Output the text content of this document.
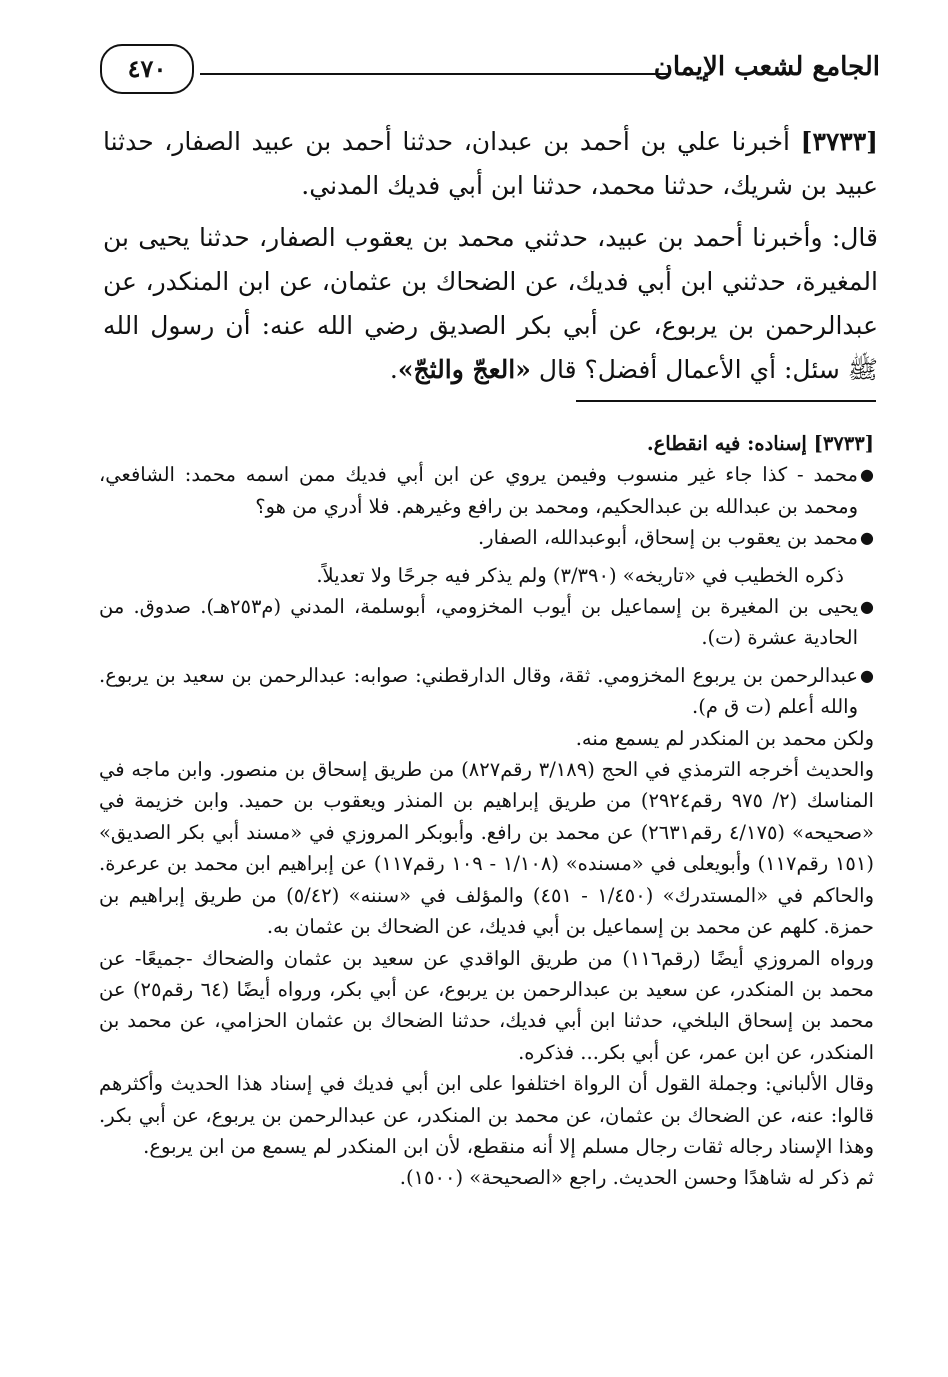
الجامع لشعب الإيمان
٤٧٠

[٣٧٣٣] أخبرنا علي بن أحمد بن عبدان، حدثنا أحمد بن عبيد الصفار، حدثنا عبيد بن شريك، حدثنا محمد، حدثنا ابن أبي فديك المدني.

قال: وأخبرنا أحمد بن عبيد، حدثني محمد بن يعقوب الصفار، حدثنا يحيى بن المغيرة، حدثني ابن أبي فديك، عن الضحاك بن عثمان، عن ابن المنكدر، عن عبدالرحمن بن يربوع، عن أبي بكر الصديق رضي الله عنه: أن رسول الله ﷺ سئل: أي الأعمال أفضل؟ قال «العجّ والثجّ».

[٣٧٣٣] إسناده: فيه انقطاع.

●
محمد - كذا جاء غير منسوب وفيمن يروي عن ابن أبي فديك ممن اسمه محمد: الشافعي، ومحمد بن عبدالله بن عبدالحكيم، ومحمد بن رافع وغيرهم. فلا أدري من هو؟

●
محمد بن يعقوب بن إسحاق، أبوعبدالله، الصفار.

ذكره الخطيب في «تاريخه» (٣/٣٩٠) ولم يذكر فيه جرحًا ولا تعديلاً.

●
يحيى بن المغيرة بن إسماعيل بن أيوب المخزومي، أبوسلمة، المدني (م٢٥٣هـ). صدوق. من الحادية عشرة (ت).

●
عبدالرحمن بن يربوع المخزومي. ثقة، وقال الدارقطني: صوابه: عبدالرحمن بن سعيد بن يربوع. والله أعلم (ت ق م).

ولكن محمد بن المنكدر لم يسمع منه.

والحديث أخرجه الترمذي في الحج (٣/١٨٩ رقم٨٢٧) من طريق إسحاق بن منصور. وابن ماجه في المناسك (٢/ ٩٧٥ رقم٢٩٢٤) من طريق إبراهيم بن المنذر ويعقوب بن حميد. وابن خزيمة في «صحيحه» (٤/١٧٥ رقم٢٦٣١) عن محمد بن رافع. وأبوبكر المروزي في «مسند أبي بكر الصديق» (١٥١ رقم١١٧) وأبويعلى في «مسنده» (١/١٠٨ - ١٠٩ رقم١١٧) عن إبراهيم ابن محمد بن عرعرة. والحاكم في «المستدرك» (١/٤٥٠ - ٤٥١) والمؤلف في «سننه» (٥/٤٢) من طريق إبراهيم بن حمزة. كلهم عن محمد بن إسماعيل بن أبي فديك، عن الضحاك بن عثمان به.

ورواه المروزي أيضًا (رقم١١٦) من طريق الواقدي عن سعيد بن عثمان والضحاك -جميعًا- عن محمد بن المنكدر، عن سعيد بن عبدالرحمن بن يربوع، عن أبي بكر، ورواه أيضًا (٦٤ رقم٢٥) عن محمد بن إسحاق البلخي، حدثنا ابن أبي فديك، حدثنا الضحاك بن عثمان الحزامي، عن محمد بن المنكدر، عن ابن عمر، عن أبي بكر... فذكره.

وقال الألباني: وجملة القول أن الرواة اختلفوا على ابن أبي فديك في إسناد هذا الحديث وأكثرهم قالوا: عنه، عن الضحاك بن عثمان، عن محمد بن المنكدر، عن عبدالرحمن بن يربوع، عن أبي بكر. وهذا الإسناد رجاله ثقات رجال مسلم إلا أنه منقطع، لأن ابن المنكدر لم يسمع من ابن يربوع.

ثم ذكر له شاهدًا وحسن الحديث. راجع «الصحيحة» (١٥٠٠).
